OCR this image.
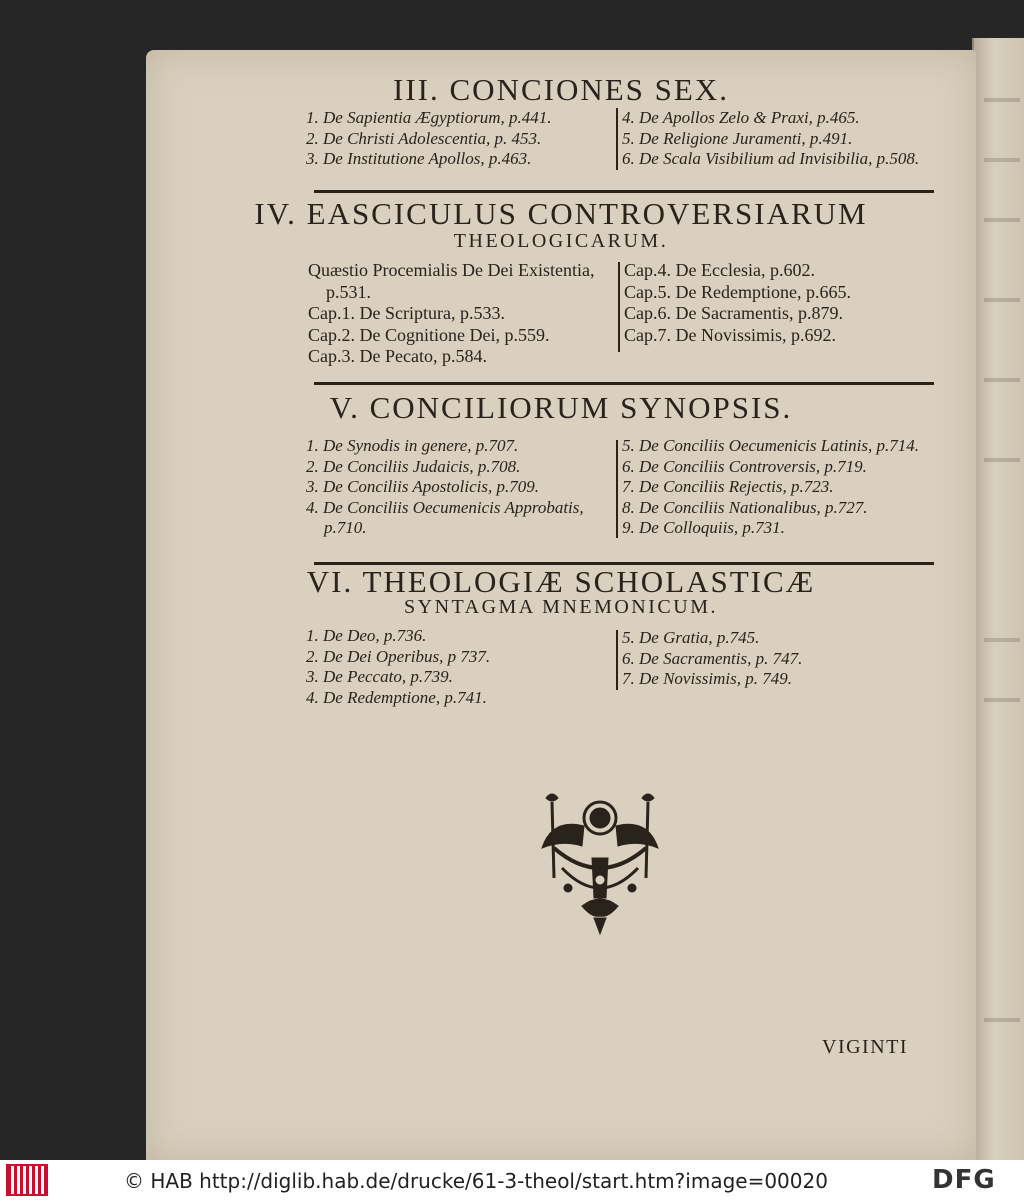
III. CONCIONES SEX.
1. De Sapientia Ægyptiorum, p.441.
2. De Christi Adolescentia, p. 453.
3. De Institutione Apollos, p.463.
4. De Apollos Zelo & Praxi, p.465.
5. De Religione Juramenti, p.491.
6. De Scala Visibilium ad Invisibilia, p.508.
IV. EASCICULUS CONTROVERSIARUM
THEOLOGICARUM.
Quæstio Procemialis De Dei Existentia,
p.531.
Cap.1. De Scriptura, p.533.
Cap.2. De Cognitione Dei, p.559.
Cap.3. De Pecato, p.584.
Cap.4. De Ecclesia, p.602.
Cap.5. De Redemptione, p.665.
Cap.6. De Sacramentis, p.879.
Cap.7. De Novissimis, p.692.
V. CONCILIORUM SYNOPSIS.
1. De Synodis in genere, p.707.
2. De Conciliis Judaicis, p.708.
3. De Conciliis Apostolicis, p.709.
4. De Conciliis Oecumenicis Approbatis,
p.710.
5. De Conciliis Oecumenicis Latinis, p.714.
6. De Conciliis Controversis, p.719.
7. De Conciliis Rejectis, p.723.
8. De Conciliis Nationalibus, p.727.
9. De Colloquiis, p.731.
VI. THEOLOGIÆ SCHOLASTICÆ
SYNTAGMA MNEMONICUM.
1. De Deo, p.736.
2. De Dei Operibus, p 737.
3. De Peccato, p.739.
4. De Redemptione, p.741.
5. De Gratia, p.745.
6. De Sacramentis, p. 747.
7. De Novissimis, p. 749.
VIGINTI
© HAB http://diglib.hab.de/drucke/61-3-theol/start.htm?image=00020	DFG
